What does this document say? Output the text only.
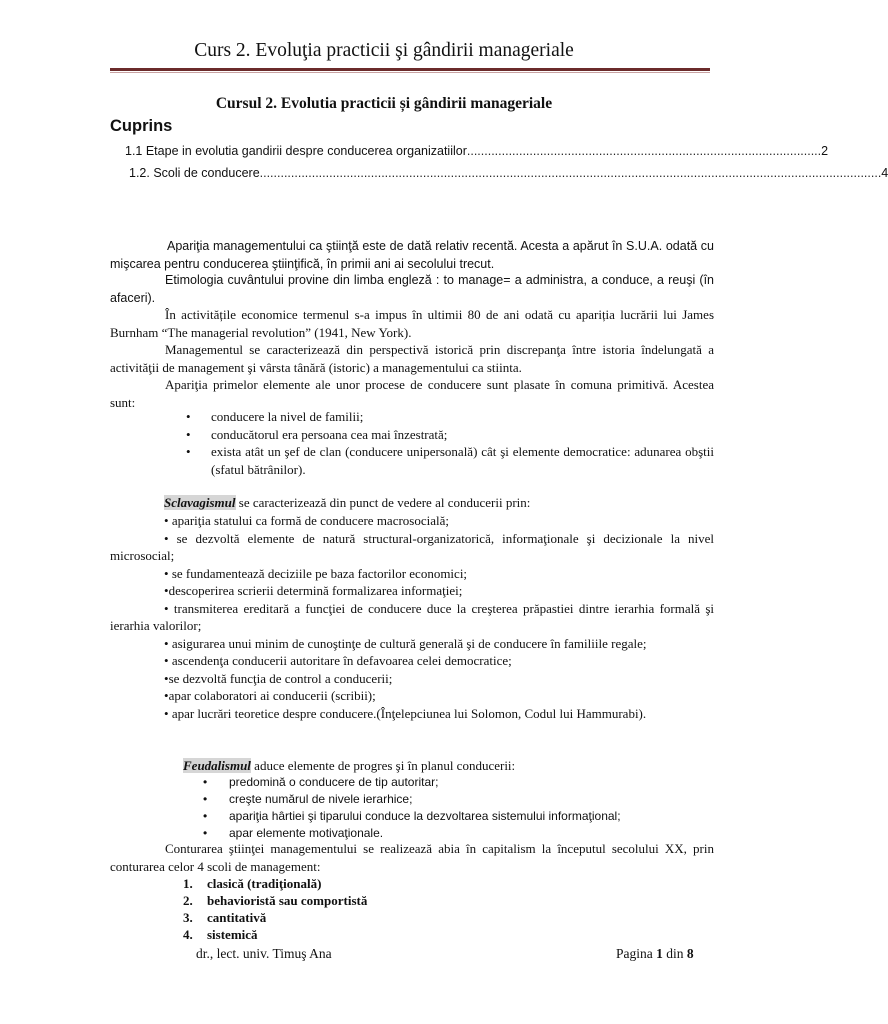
Curs 2. Evoluţia practicii şi gândirii manageriale
Cursul 2. Evolutia practicii și gândirii manageriale
Cuprins
1.1 Etape in evolutia gandirii despre conducerea organizatiilor ...................................................................................................... 2
1.2. Scoli de conducere ................................................................................................................................................................................... 4
Apariţia managementului ca ştiinţă este de dată relativ recentă. Acesta a apărut în S.U.A. odată cu mişcarea pentru conducerea ştiinţifică, în primii ani ai secolului trecut.
Etimologia cuvântului provine din limba engleză : to manage= a administra, a conduce, a reuşi (în afaceri).
În activitățile economice termenul s-a impus în ultimii 80 de ani odată cu apariția lucrării lui James Burnham “The managerial revolution” (1941, New York).
Managementul se caracterizează din perspectivă istorică prin discrepanţa între istoria îndelungată a activităţii de management şi vârsta tânără (istoric) a managementului ca stiinta.
Apariţia primelor elemente ale unor procese de conducere sunt plasate în comuna primitivă. Acestea sunt:
• conducere la nivel de familii;
• conducătorul era persoana cea mai înzestrată;
• exista atât un şef de clan (conducere unipersonală) cât şi elemente democratice: adunarea obştii (sfatul bătrânilor).
Sclavagismul se caracterizează din punct de vedere al conducerii prin:
• apariţia statului ca formă de conducere macrosocială;
• se dezvoltă elemente de natură structural-organizatorică, informaţionale şi decizionale la nivel microsocial;
• se fundamentează deciziile pe baza factorilor economici;
•descoperirea scrierii determină formalizarea informaţiei;
• transmiterea ereditară a funcţiei de conducere duce la creşterea prăpastiei dintre ierarhia formală şi ierarhia valorilor;
• asigurarea unui minim de cunoştinţe de cultură generală şi de conducere în familiile regale;
• ascendenţa conducerii autoritare în defavoarea celei democratice;
•se dezvoltă funcţia de control a conducerii;
•apar colaboratori ai conducerii (scribii);
• apar lucrări teoretice despre conducere.(Înţelepciunea lui Solomon, Codul lui Hammurabi).
Feudalismul aduce elemente de progres şi în planul conducerii:
• predomină o conducere de tip autoritar;
• creşte numărul de nivele ierarhice;
• apariţia hârtiei şi tiparului conduce la dezvoltarea sistemului informaţional;
• apar elemente motivaţionale.
Conturarea ştiinţei managementului se realizează abia în capitalism la începutul secolului XX, prin conturarea celor 4 scoli de management:
1.	clasică (tradiţională)
2.	behavioristă sau comportistă
3.	cantitativă
4.	sistemică
dr., lect. univ. Timuş Ana	Pagina 1 din 8
